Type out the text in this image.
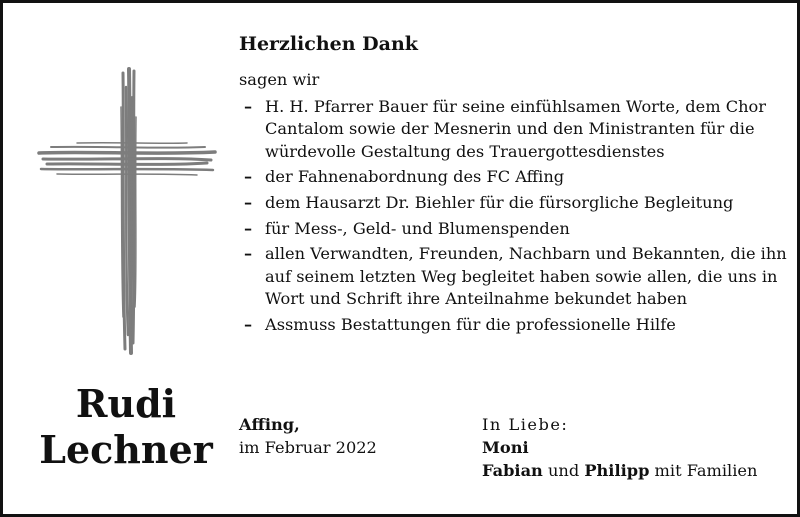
Rudi
Lechner
Herzlichen Dank
sagen wir
– H. H. Pfarrer Bauer für seine einfühlsamen Worte, dem Chor Cantalom sowie der Mesnerin und den Ministranten für die würdevolle Gestaltung des Trauergottesdienstes
– der Fahnenabordnung des FC Affing
– dem Hausarzt Dr. Biehler für die fürsorgliche Begleitung
– für Mess-, Geld- und Blumenspenden
– allen Verwandten, Freunden, Nachbarn und Bekannten, die ihn auf seinem letzten Weg begleitet haben sowie allen, die uns in Wort und Schrift ihre Anteilnahme bekundet haben
– Assmuss Bestattungen für die professionelle Hilfe
Affing,
im Februar 2022
In Liebe:
Moni
Fabian und Philipp mit Familien
